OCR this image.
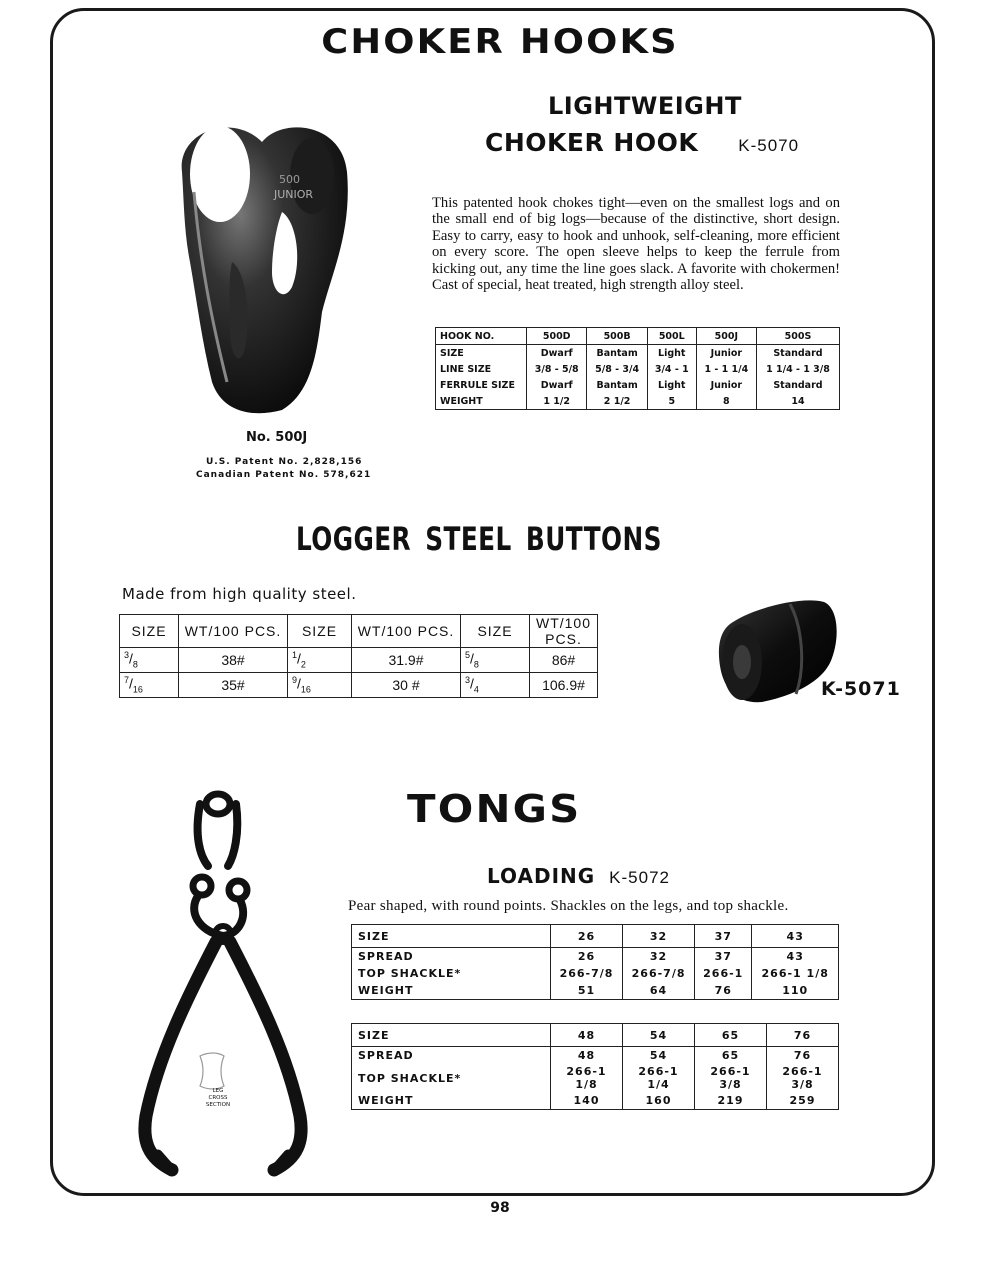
CHOKER HOOKS
LIGHTWEIGHT
CHOKER HOOK K-5070
500
JUNIOR
This patented hook chokes tight—even on the smallest logs and on the small end of big logs—because of the distinctive, short design. Easy to carry, easy to hook and unhook, self-cleaning, more efficient on every score. The open sleeve helps to keep the ferrule from kicking out, any time the line goes slack. A favorite with chokermen! Cast of special, heat treated, high strength alloy steel.
HOOK NO.	500D	500B	500L	500J	500S
SIZE	Dwarf	Bantam	Light	Junior	Standard
LINE SIZE	3/8 - 5/8	5/8 - 3/4	3/4 - 1	1 - 1 1/4	1 1/4 - 1 3/8
FERRULE SIZE	Dwarf	Bantam	Light	Junior	Standard
WEIGHT	1 1/2	2 1/2	5	8	14
No. 500J
U.S. Patent No. 2,828,156
Canadian Patent No. 578,621
LOGGER STEEL BUTTONS
Made from high quality steel.
SIZE	WT/100 PCS.	SIZE	WT/100 PCS.	SIZE	WT/100 PCS.
$^3/_8$	38#	$^1/_2$	31.9#	$^5/_8$	86#
$^7/_{16}$	35#	$^9/_{16}$	30 #	$^3/_4$	106.9#	K-5071
TONGS
LOADING K-5072
Pear shaped, with round points. Shackles on the legs, and top shackle.
LEG
CROSS
SECTION
SIZE	26	32	37	43
SPREAD	26	32	37	43
TOP SHACKLE*	266-7/8	266-7/8	266-1	266-1 1/8
WEIGHT	51	64	76	110
SIZE	48	54	65	76
SPREAD	48	54	65	76
TOP SHACKLE*	266-1 1/8	266-1 1/4	266-1 3/8	266-1 3/8
WEIGHT	140	160	219	259
98
